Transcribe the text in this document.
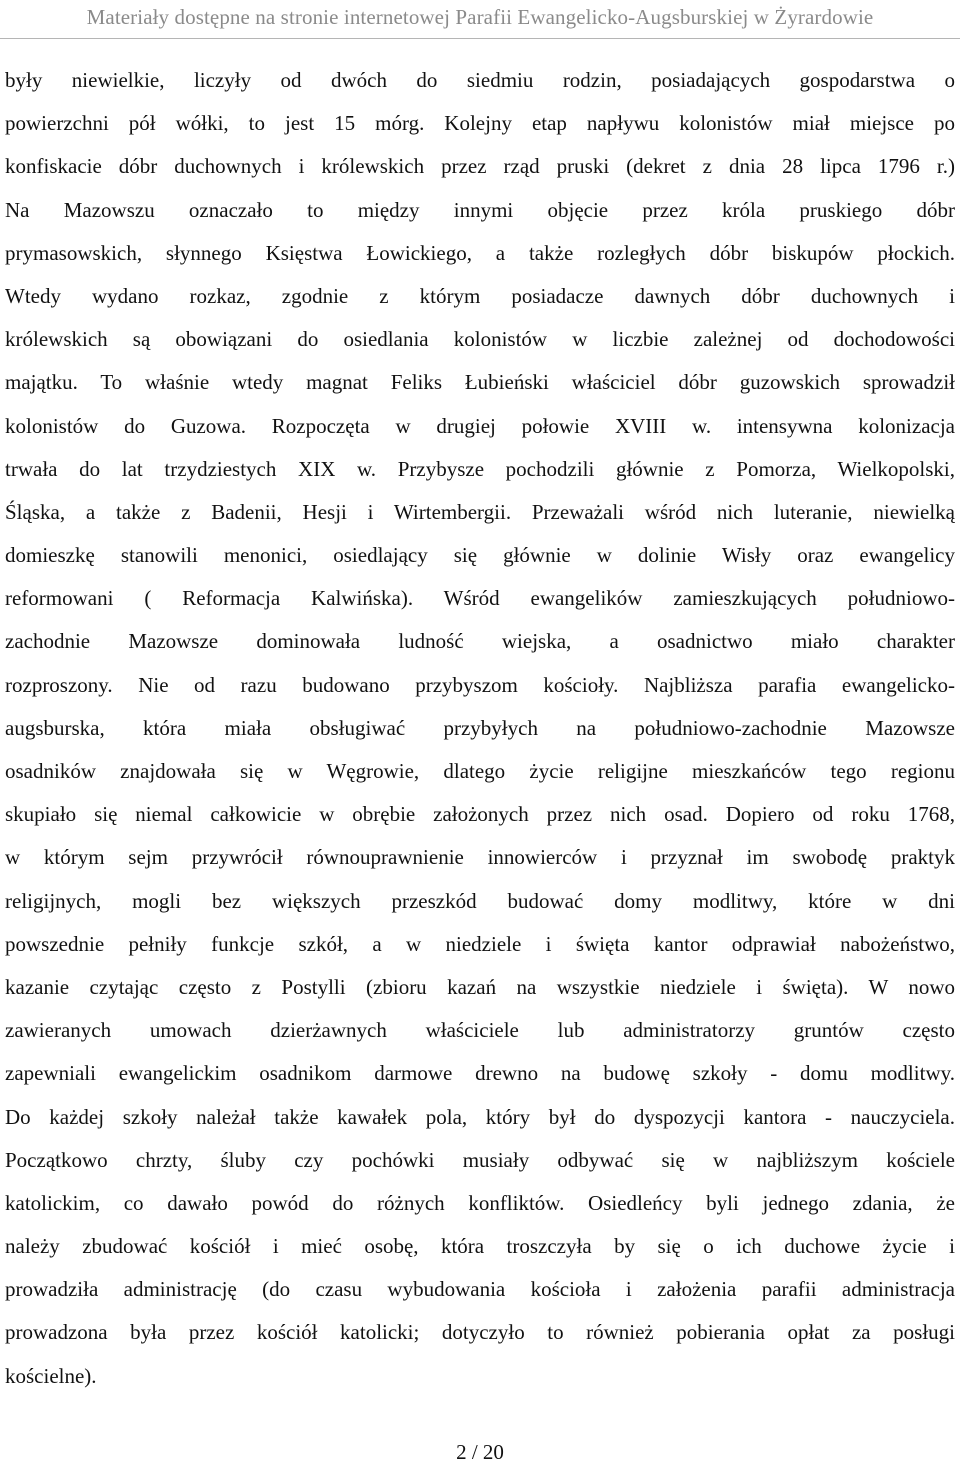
Materiały dostępne na stronie internetowej Parafii Ewangelicko-Augsburskiej w Żyrardowie
były niewielkie, liczyły od dwóch do siedmiu rodzin, posiadających gospodarstwa o
powierzchni pół wółki, to jest 15 mórg. Kolejny etap napływu kolonistów miał miejsce po
konfiskacie dóbr duchownych i królewskich przez rząd pruski (dekret z dnia 28 lipca 1796 r.)
Na Mazowszu oznaczało to między innymi objęcie przez króla pruskiego dóbr
prymasowskich, słynnego Księstwa Łowickiego, a także rozległych dóbr biskupów płockich.
Wtedy wydano rozkaz, zgodnie z którym posiadacze dawnych dóbr duchownych i
królewskich są obowiązani do osiedlania kolonistów w liczbie zależnej od dochodowości
majątku. To właśnie wtedy magnat Feliks Łubieński właściciel dóbr guzowskich sprowadził
kolonistów do Guzowa. Rozpoczęta w drugiej połowie XVIII w. intensywna kolonizacja
trwała do lat trzydziestych XIX w. Przybysze pochodzili głównie z Pomorza, Wielkopolski,
Śląska, a także z Badenii, Hesji i Wirtembergii. Przeważali wśród nich luteranie, niewielką
domieszkę stanowili menonici, osiedlający się głównie w dolinie Wisły oraz ewangelicy
reformowani ( Reformacja Kalwińska). Wśród ewangelików zamieszkujących południowo-
zachodnie Mazowsze dominowała ludność wiejska, a osadnictwo miało charakter
rozproszony. Nie od razu budowano przybyszom kościoły. Najbliższa parafia ewangelicko-
augsburska, która miała obsługiwać przybyłych na południowo-zachodnie Mazowsze
osadników znajdowała się w Węgrowie, dlatego życie religijne mieszkańców tego regionu
skupiało się niemal całkowicie w obrębie założonych przez nich osad. Dopiero od roku 1768,
w którym sejm przywrócił równouprawnienie innowierców i przyznał im swobodę praktyk
religijnych, mogli bez większych przeszkód budować domy modlitwy, które w dni
powszednie pełniły funkcje szkół, a w niedziele i święta kantor odprawiał nabożeństwo,
kazanie czytając często z Postylli (zbioru kazań na wszystkie niedziele i święta). W nowo
zawieranych umowach dzierżawnych właściciele lub administratorzy gruntów często
zapewniali ewangelickim osadnikom darmowe drewno na budowę szkoły - domu modlitwy.
Do każdej szkoły należał także kawałek pola, który był do dyspozycji kantora - nauczyciela.
Początkowo chrzty, śluby czy pochówki musiały odbywać się w najbliższym kościele
katolickim, co dawało powód do różnych konfliktów. Osiedleńcy byli jednego zdania, że
należy zbudować kościół i mieć osobę, która troszczyła by się o ich duchowe życie i
prowadziła administrację (do czasu wybudowania kościoła i założenia parafii administracja
prowadzona była przez kościół katolicki; dotyczyło to również pobierania opłat za posługi
kościelne).
2 / 20
